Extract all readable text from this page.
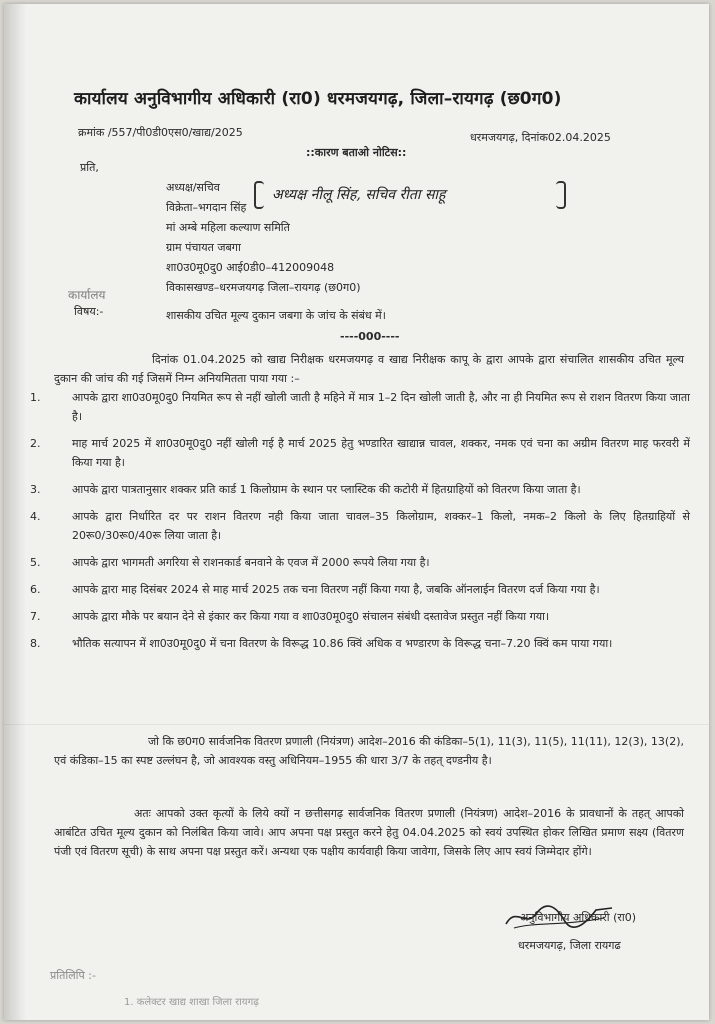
कार्यालय अनुविभागीय अधिकारी (रा0) धरमजयगढ़, जिला–रायगढ़ (छ0ग0)
क्रमांक /557/पी0डी0एस0/खाद्य/2025	धरमजयगढ़, दिनांक02.04.2025
::कारण बताओ नोटिस::
प्रति,
अध्यक्ष/सचिव
विक्रेता–भगदान सिंह
मां अम्बे महिला कल्याण समिति
ग्राम पंचायत जबगा
शा0उ0मू0दु0 आई0डी0–412009048
विकासखण्ड–धरमजयगढ़ जिला–रायगढ़ (छ0ग0)
अध्यक्ष नीलू सिंह, सचिव रीता साहू
कार्यालय
विषय:-	शासकीय उचित मूल्य दुकान जबगा के जांच के संबंध में।
----000----
दिनांक 01.04.2025 को खाद्य निरीक्षक धरमजयगढ़ व खाद्य निरीक्षक कापू के द्वारा आपके द्वारा संचालित शासकीय उचित मूल्य दुकान की जांच की गई जिसमें निम्न अनियमितता पाया गया :–
1.	आपके द्वारा शा0उ0मू0दु0 नियमित रूप से नहीं खोली जाती है महिने में मात्र 1–2 दिन खोली जाती है, और ना ही नियमित रूप से राशन वितरण किया जाता है।
2.	माह मार्च 2025 में शा0उ0मू0दु0 नहीं खोली गई है मार्च 2025 हेतु भण्डारित खाद्यान्न चावल, शक्कर, नमक एवं चना का अग्रीम वितरण माह फरवरी में किया गया है।
3.	आपके द्वारा पात्रतानुसार शक्कर प्रति कार्ड 1 किलोग्राम के स्थान पर प्लास्टिक की कटोरी में हितग्राहियों को वितरण किया जाता है।
4.	आपके द्वारा निर्धारित दर पर राशन वितरण नही किया जाता चावल–35 किलोग्राम, शक्कर–1 किलो, नमक–2 किलो के लिए हितग्राहियों से 20रू0/30रू0/40रू लिया जाता है।
5.	आपके द्वारा भागमती अगरिया से राशनकार्ड बनवाने के एवज में 2000 रूपये लिया गया है।
6.	आपके द्वारा माह दिसंबर 2024 से माह मार्च 2025 तक चना वितरण नहीं किया गया है, जबकि ऑनलाईन वितरण दर्ज किया गया है।
7.	आपके द्वारा मौके पर बयान देने से इंकार कर किया गया व शा0उ0मू0दु0 संचालन संबंधी दस्तावेज प्रस्तुत नहीं किया गया।
8.	भौतिक सत्यापन में शा0उ0मू0दु0 में चना वितरण के विरूद्ध 10.86 क्विं अधिक व भण्डारण के विरूद्ध चना–7.20 क्विं कम पाया गया।
जो कि छ0ग0 सार्वजनिक वितरण प्रणाली (नियंत्रण) आदेश–2016 की कंडिका–5(1), 11(3), 11(5), 11(11), 12(3), 13(2), एवं कंडिका–15 का स्पष्ट उल्लंघन है, जो आवश्यक वस्तु अधिनियम–1955 की धारा 3/7 के तहत् दण्डनीय है।
अतः आपको उक्त कृत्यों के लिये क्यों न छत्तीसगढ़ सार्वजनिक वितरण प्रणाली (नियंत्रण) आदेश–2016 के प्रावधानों के तहत् आपको आबंटित उचित मूल्य दुकान को निलंबित किया जावे। आप अपना पक्ष प्रस्तुत करने हेतु 04.04.2025 को स्वयं उपस्थित होकर लिखित प्रमाण सक्ष्य (वितरण पंजी एवं वितरण सूची) के साथ अपना पक्ष प्रस्तुत करें। अन्यथा एक पक्षीय कार्यवाही किया जावेगा, जिसके लिए आप स्वयं जिम्मेदार होंगे।
अनुविभागीय अधिकारी (रा0)
धरमजयगढ़, जिला रायगढ
प्रतिलिपि :-
1. कलेक्टर खाद्य शाखा जिला रायगढ़
